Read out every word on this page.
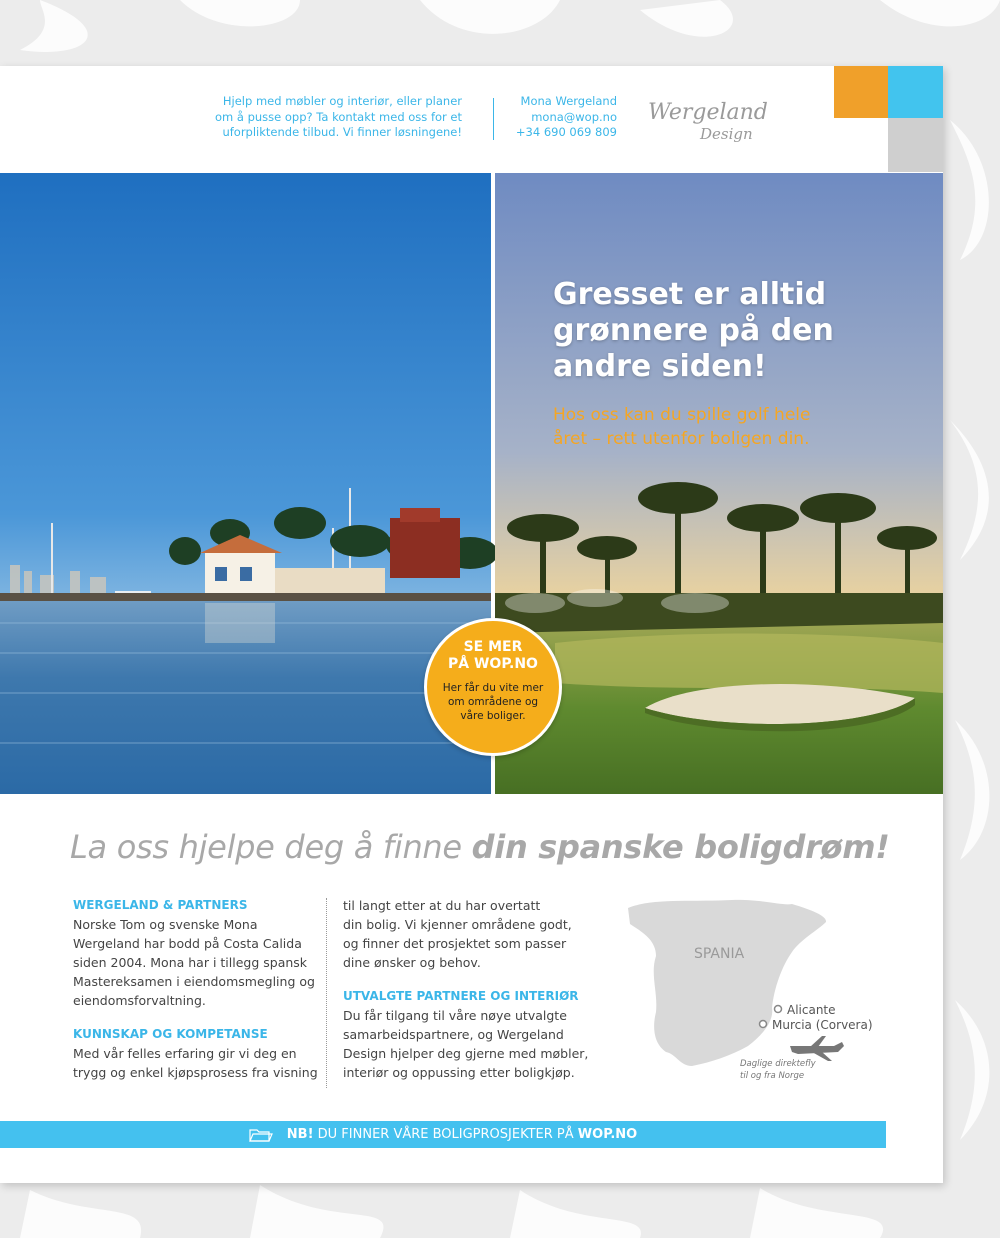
Hjelp med møbler og interiør, eller planer
om å pusse opp? Ta kontakt med oss for et
uforpliktende tilbud. Vi finner løsningene!
Mona Wergeland
mona@wop.no
+34 690 069 809
Wergeland
Design
Gresset er alltid
grønnere på den
andre siden!
Hos oss kan du spille golf hele
året – rett utenfor boligen din.
SE MER
PÅ WOP.NO
Her får du vite mer
om områdene og
våre boliger.
La oss hjelpe deg å finne din spanske boligdrøm!
WERGELAND & PARTNERS

Norske Tom og svenske Mona
Wergeland har bodd på Costa Calida
siden 2004. Mona har i tillegg spansk
Mastereksamen i eiendomsmegling og
eiendomsforvaltning.

KUNNSKAP OG KOMPETANSE

Med vår felles erfaring gir vi deg en
trygg og enkel kjøpsprosess fra visning

til langt etter at du har overtatt
din bolig. Vi kjenner områdene godt,
og finner det prosjektet som passer
dine ønsker og behov.

UTVALGTE PARTNERE OG INTERIØR

Du får tilgang til våre nøye utvalgte
samarbeidspartnere, og Wergeland
Design hjelper deg gjerne med møbler,
interiør og oppussing etter boligkjøp.

SPANIA
Alicante
Murcia (Corvera)
Daglige direktefly
til og fra Norge
NB! DU FINNER VÅRE BOLIGPROSJEKTER PÅ WOP.NO
